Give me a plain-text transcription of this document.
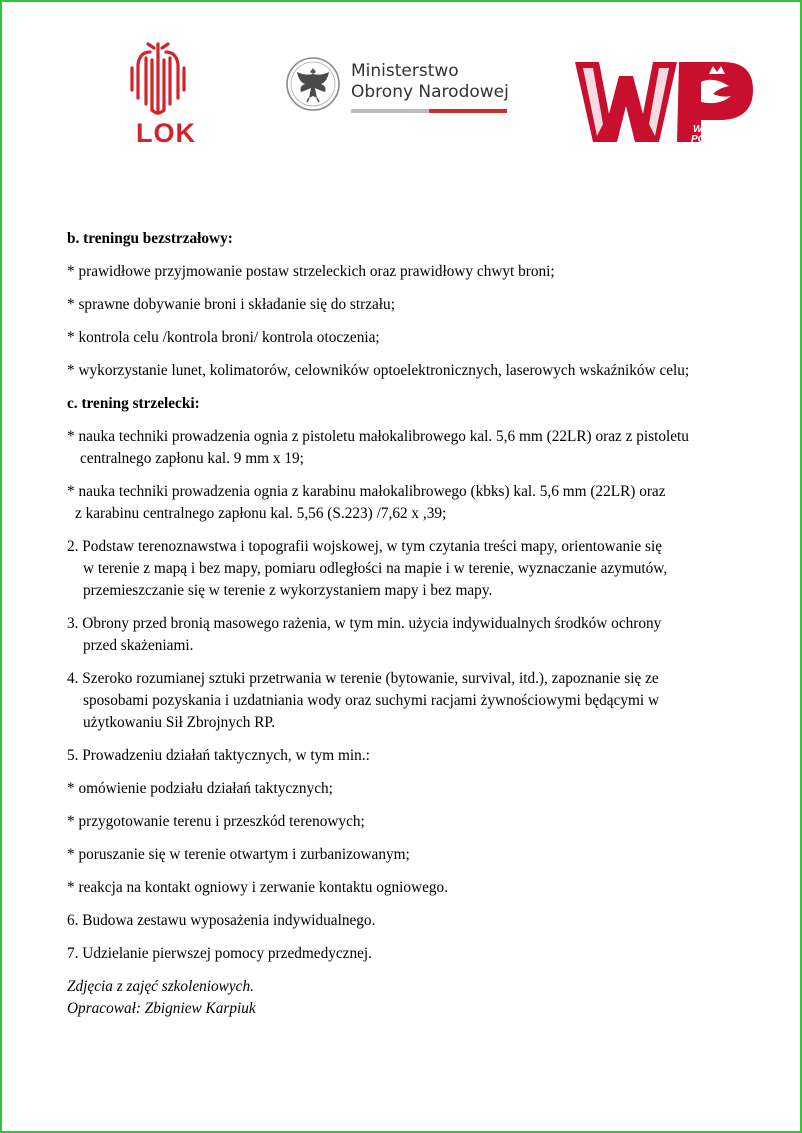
LOK
Ministerstwo
Obrony Narodowej
WOJSKO
POLSKIE

b. treningu bezstrzałowy:

* prawidłowe przyjmowanie postaw strzeleckich oraz prawidłowy chwyt broni;

* sprawne dobywanie broni i składanie się do strzału;

* kontrola celu /kontrola broni/ kontrola otoczenia;

* wykorzystanie lunet, kolimatorów, celowników optoelektronicznych, laserowych wskaźników celu;

c. trening strzelecki:

* nauka techniki prowadzenia ognia z pistoletu małokalibrowego kal. 5,6 mm (22LR) oraz z pistoletu

centralnego zapłonu kal. 9 mm x 19;

* nauka techniki prowadzenia ognia z karabinu małokalibrowego (kbks) kal. 5,6 mm (22LR) oraz

z karabinu centralnego zapłonu kal. 5,56 (S.223) /7,62 x ,39;

2. Podstaw terenoznawstwa i topografii wojskowej, w tym czytania treści mapy, orientowanie się

w terenie z mapą i bez mapy, pomiaru odległości na mapie i w terenie, wyznaczanie azymutów,

przemieszczanie się w terenie z wykorzystaniem mapy i bez mapy.

3. Obrony przed bronią masowego rażenia, w tym min. użycia indywidualnych środków ochrony

przed skażeniami.

4. Szeroko rozumianej sztuki przetrwania w terenie (bytowanie, survival, itd.), zapoznanie się ze

sposobami pozyskania i uzdatniania wody oraz suchymi racjami żywnościowymi będącymi w

użytkowaniu Sił Zbrojnych RP.

5. Prowadzeniu działań taktycznych, w tym min.:

* omówienie podziału działań taktycznych;

* przygotowanie terenu i przeszkód terenowych;

* poruszanie się w terenie otwartym i zurbanizowanym;

* reakcja na kontakt ogniowy i zerwanie kontaktu ogniowego.

6. Budowa zestawu wyposażenia indywidualnego.

7. Udzielanie pierwszej pomocy przedmedycznej.

Zdjęcia z zajęć szkoleniowych.

Opracował: Zbigniew Karpiuk
